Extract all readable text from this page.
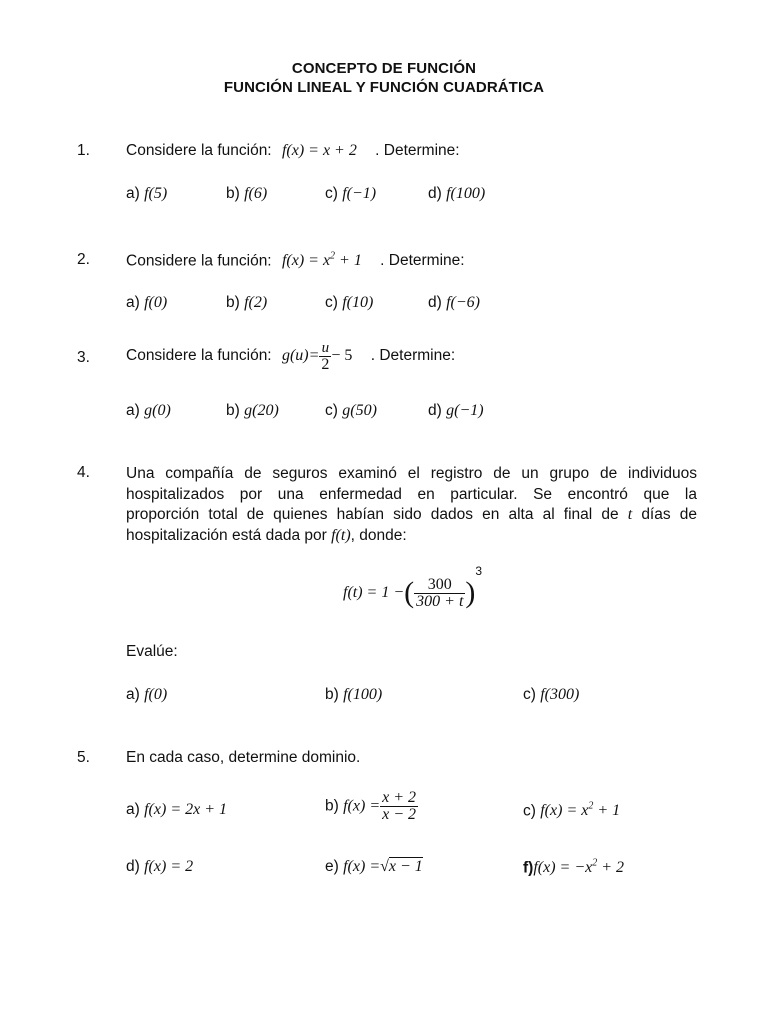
CONCEPTO DE FUNCIÓN
FUNCIÓN LINEAL Y FUNCIÓN CUADRÁTICA
1. Considere la función: f(x) = x + 2 . Determine:
a) f(5)	b) f(6)	c) f(−1)	d) f(100)
2. Considere la función: $f(x) = x^2 + 1$ . Determine:
a) f(0)	b) f(2)	c) f(10)	d) f(−6)
3. Considere la función: $g(u)= \frac{u}{2} - 5$ . Determine:
a) g(0)	b) g(20)	c) g(50)	d) g(−1)
4. Una compañía de seguros examinó el registro de un grupo de individuos
hospitalizados por una enfermedad en particular. Se encontró que la
proporción total de quienes habían sido dados en alta al final de t días de
hospitalización está dada por f(t), donde:
f(t) = 1 −( $\frac{300}{300 + t} )^3$
Evalúe:
a) f(0)	b) f(100)	c) f(300)
5. En cada caso, determine dominio.
a) f(x) = 2x + 1	b) $f(x) = \frac{x + 2}{x - 2}$	c) $f(x) = x^2 + 1$
d) f(x) = 2	e) f(x) =√x − 1	$f)f(x) = -x^2 + 2$
